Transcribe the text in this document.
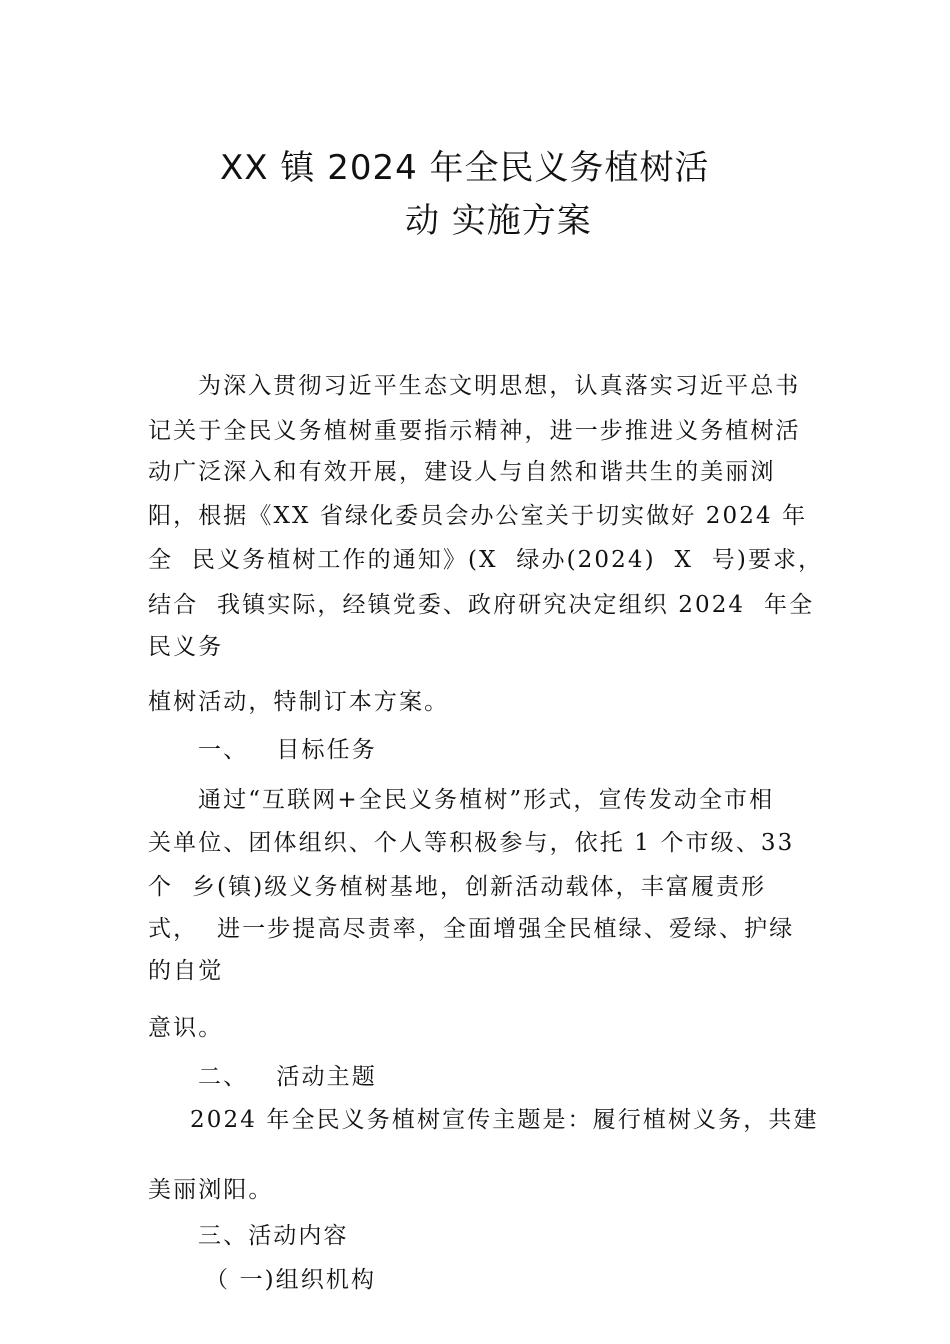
XX 镇 2024 年全民义务植树活
动 实施方案
为深入贯彻习近平生态文明思想，认真落实习近平总书
记关于全民义务植树重要指示精神，进一步推进义务植树活
动广泛深入和有效开展，建设人与自然和谐共生的美丽浏
阳，根据《XX 省绿化委员会办公室关于切实做好 2024 年
全  民义务植树工作的通知》(X  绿办(2024)  X  号)要求，
结合  我镇实际，经镇党委、政府研究决定组织 2024  年全
民义务
植树活动，特制订本方案。
一、   目标任务
通过“互联网+全民义务植树”形式，宣传发动全市相
关单位、团体组织、个人等积极参与，依托 1 个市级、33
个  乡(镇)级义务植树基地，创新活动载体，丰富履责形
式，  进一步提高尽责率，全面增强全民植绿、爱绿、护绿
的自觉
意识。
二、   活动主题
2024 年全民义务植树宣传主题是：履行植树义务，共建
美丽浏阳。
三、活动内容
（ 一)组织机构
